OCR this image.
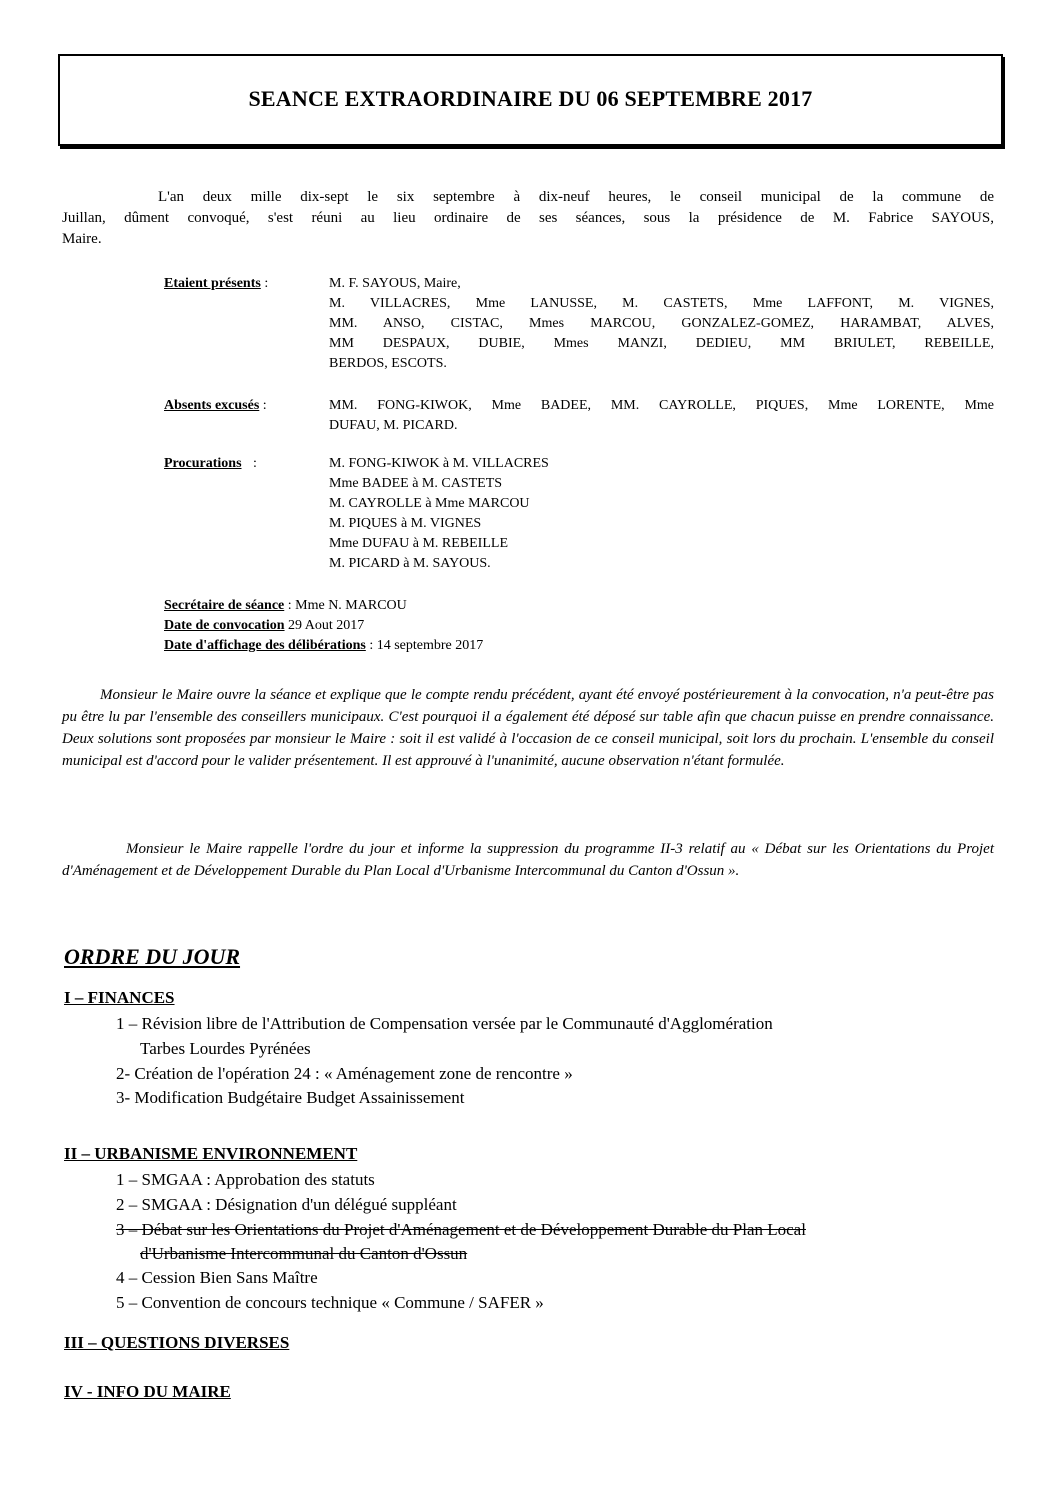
SEANCE EXTRAORDINAIRE DU 06 SEPTEMBRE 2017
L'an deux mille dix-sept le six septembre à dix-neuf heures, le conseil municipal de la commune de
Juillan, dûment convoqué, s'est réuni au lieu ordinaire de ses séances, sous la présidence de M. Fabrice SAYOUS,
Maire.
Etaient présents :	M. F. SAYOUS, Maire,
M. VILLACRES, Mme LANUSSE, M. CASTETS, Mme LAFFONT, M. VIGNES,
MM. ANSO, CISTAC, Mmes MARCOU, GONZALEZ-GOMEZ, HARAMBAT, ALVES,
MM DESPAUX, DUBIE, Mmes MANZI, DEDIEU, MM BRIULET, REBEILLE,
BERDOS, ESCOTS.
Absents excusés :	MM. FONG-KIWOK, Mme BADEE, MM. CAYROLLE, PIQUES, Mme LORENTE, Mme
DUFAU, M. PICARD.
Procurations :	M. FONG-KIWOK à M. VILLACRES
Mme BADEE à M. CASTETS
M. CAYROLLE à Mme MARCOU
M. PIQUES à M. VIGNES
Mme DUFAU à M. REBEILLE
M. PICARD à M. SAYOUS.
Secrétaire de séance : Mme N. MARCOU
Date de convocation 29 Aout 2017
Date d'affichage des délibérations : 14 septembre 2017
Monsieur le Maire ouvre la séance et explique que le compte rendu précédent, ayant été envoyé postérieurement à la convocation, n'a peut-être pas pu être lu par l'ensemble des conseillers municipaux. C'est pourquoi il a également été déposé sur table afin que chacun puisse en prendre connaissance. Deux solutions sont proposées par monsieur le Maire : soit il est validé à l'occasion de ce conseil municipal, soit lors du prochain. L'ensemble du conseil municipal est d'accord pour le valider présentement. Il est approuvé à l'unanimité, aucune observation n'étant formulée.
Monsieur le Maire rappelle l'ordre du jour et informe la suppression du programme II-3 relatif au « Débat sur les Orientations du Projet d'Aménagement et de Développement Durable du Plan Local d'Urbanisme Intercommunal du Canton d'Ossun ».
ORDRE DU JOUR
I – FINANCES
1 – Révision libre de l'Attribution de Compensation versée par le Communauté d'Agglomération
Tarbes Lourdes Pyrénées
2- Création de l'opération 24 : « Aménagement zone de rencontre »
3- Modification Budgétaire Budget Assainissement
II – URBANISME ENVIRONNEMENT
1 – SMGAA : Approbation des statuts
2 – SMGAA : Désignation d'un délégué suppléant
3 – Débat sur les Orientations du Projet d'Aménagement et de Développement Durable du Plan Local
d'Urbanisme Intercommunal du Canton d'Ossun
4 – Cession Bien Sans Maître
5 – Convention de concours technique « Commune / SAFER »
III – QUESTIONS DIVERSES
IV - INFO DU MAIRE
